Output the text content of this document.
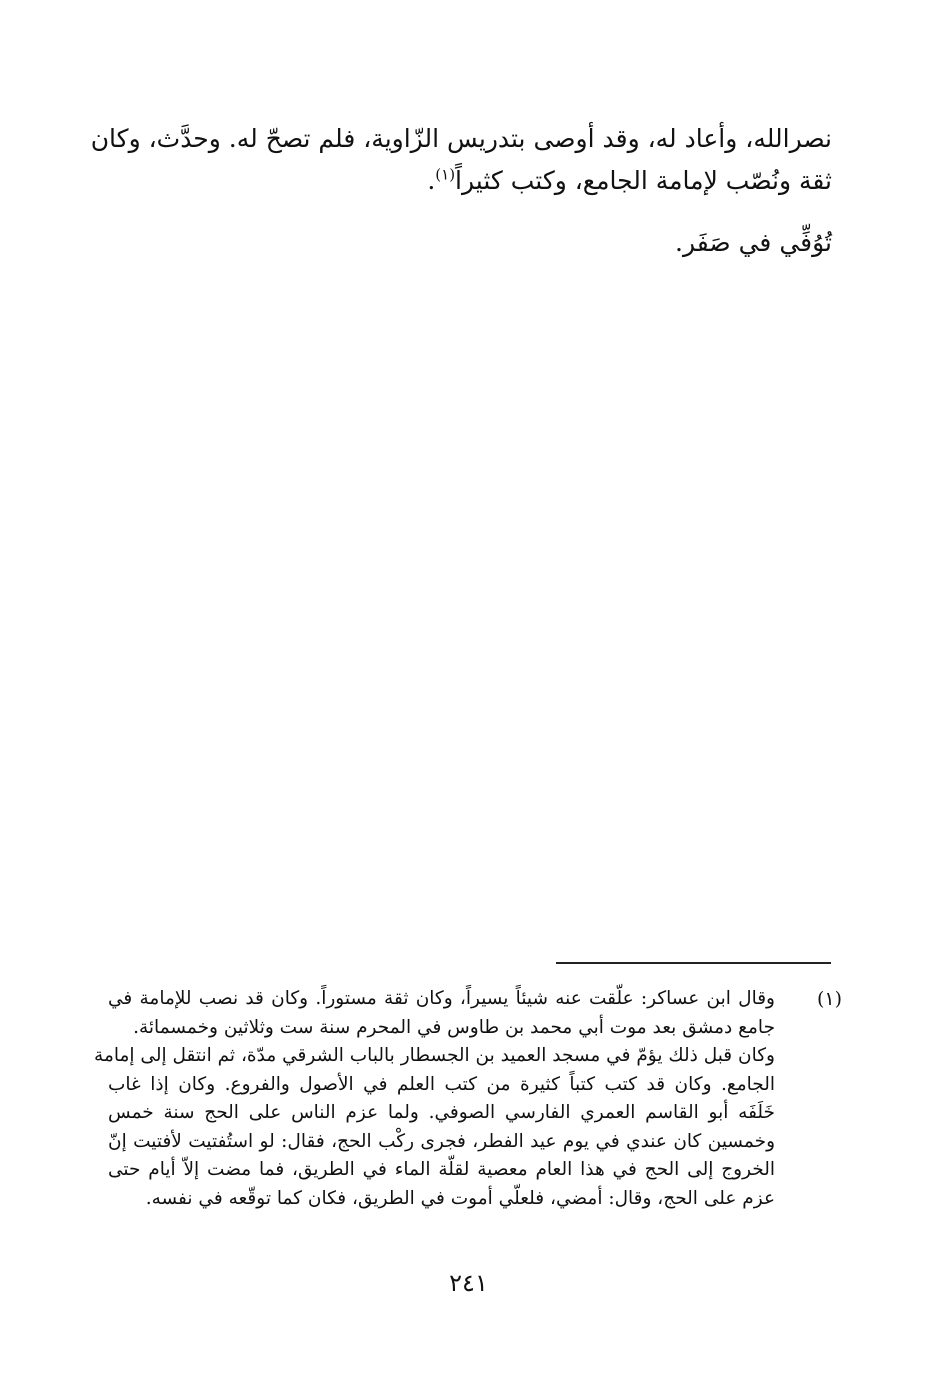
نصرالله، وأعاد له، وقد أوصى بتدريس الزّاوية، فلم تصحّ له. وحدَّث، وكان
ثقة ونُصّب لإمامة الجامع، وكتب كثيراً$^{(١)}$.
تُوُفِّي في صَفَر.
(١)
وقال ابن عساكر: علّقت عنه شيئاً يسيراً، وكان ثقة مستوراً. وكان قد نصب للإمامة في
جامع دمشق بعد موت أبي محمد بن طاوس في المحرم سنة ست وثلاثين وخمسمائة.
وكان قبل ذلك يؤمّ في مسجد العميد بن الجسطار بالباب الشرقي مدّة، ثم انتقل إلى إمامة
الجامع. وكان قد كتب كتباً كثيرة من كتب العلم في الأصول والفروع. وكان إذا غاب
خَلَفَه أبو القاسم العمري الفارسي الصوفي. ولما عزم الناس على الحج سنة خمس
وخمسين كان عندي في يوم عيد الفطر، فجرى ركْب الحج، فقال: لو استُفتيت لأفتيت إنّ
الخروج إلى الحج في هذا العام معصية لقلّة الماء في الطريق، فما مضت إلاّ أيام حتى
عزم على الحج، وقال: أمضي، فلعلّي أموت في الطريق، فكان كما توقّعه في نفسه.
٢٤١
